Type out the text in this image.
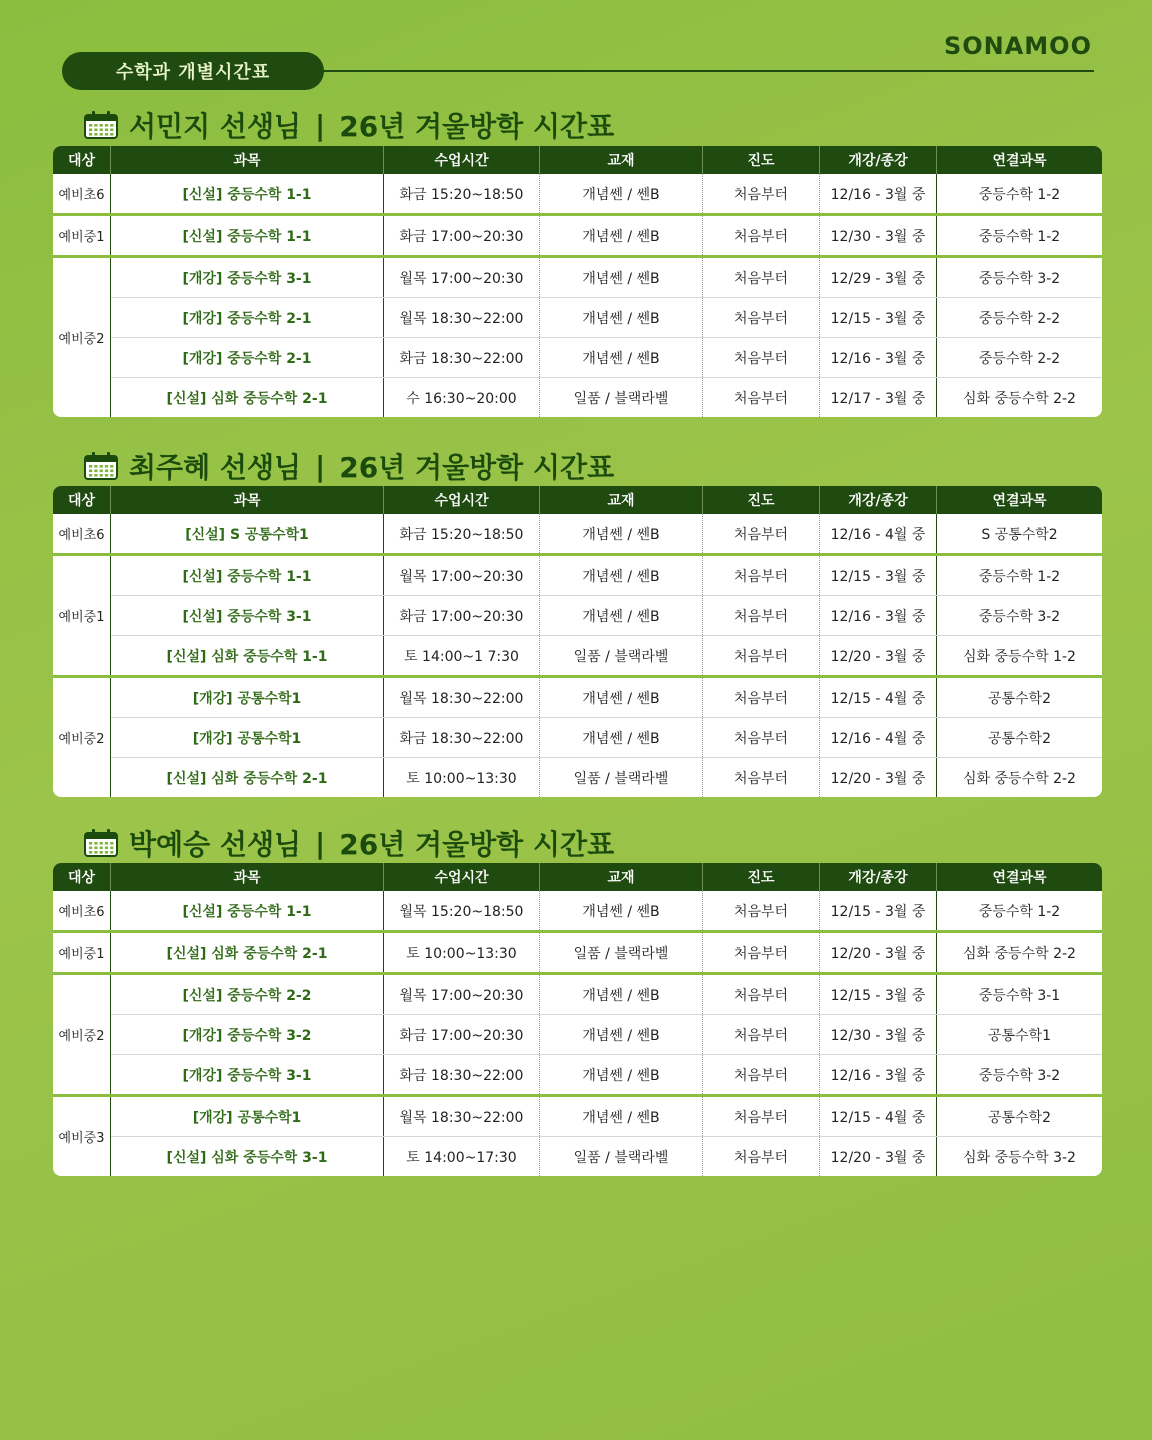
수학과 개별시간표
SONAMOO
서민지 선생님 | 26년 겨울방학 시간표
대상	과목	수업시간	교재	진도	개강/종강	연결과목
예비초6	[신설] 중등수학 1-1	화금 15:20~18:50	개념쎈 / 쎈B	처음부터	12/16 - 3월 중	중등수학 1-2
예비중1	[신설] 중등수학 1-1	화금 17:00~20:30	개념쎈 / 쎈B	처음부터	12/30 - 3월 중	중등수학 1-2
예비중2
[개강] 중등수학 3-1	월목 17:00~20:30	개념쎈 / 쎈B	처음부터	12/29 - 3월 중	중등수학 3-2
[개강] 중등수학 2-1	월목 18:30~22:00	개념쎈 / 쎈B	처음부터	12/15 - 3월 중	중등수학 2-2
[개강] 중등수학 2-1	화금 18:30~22:00	개념쎈 / 쎈B	처음부터	12/16 - 3월 중	중등수학 2-2
[신설] 심화 중등수학 2-1	수 16:30~20:00	일품 / 블랙라벨	처음부터	12/17 - 3월 중	심화 중등수학 2-2
최주혜 선생님 | 26년 겨울방학 시간표
대상	과목	수업시간	교재	진도	개강/종강	연결과목
예비초6	[신설] S 공통수학1	화금 15:20~18:50	개념쎈 / 쎈B	처음부터	12/16 - 4월 중	S 공통수학2
예비중1
[신설] 중등수학 1-1	월목 17:00~20:30	개념쎈 / 쎈B	처음부터	12/15 - 3월 중	중등수학 1-2
[신설] 중등수학 3-1	화금 17:00~20:30	개념쎈 / 쎈B	처음부터	12/16 - 3월 중	중등수학 3-2
[신설] 심화 중등수학 1-1	토 14:00~1 7:30	일품 / 블랙라벨	처음부터	12/20 - 3월 중	심화 중등수학 1-2
예비중2
[개강] 공통수학1	월목 18:30~22:00	개념쎈 / 쎈B	처음부터	12/15 - 4월 중	공통수학2
[개강] 공통수학1	화금 18:30~22:00	개념쎈 / 쎈B	처음부터	12/16 - 4월 중	공통수학2
[신설] 심화 중등수학 2-1	토 10:00~13:30	일품 / 블랙라벨	처음부터	12/20 - 3월 중	심화 중등수학 2-2
박예승 선생님 | 26년 겨울방학 시간표
대상	과목	수업시간	교재	진도	개강/종강	연결과목
예비초6	[신설] 중등수학 1-1	월목 15:20~18:50	개념쎈 / 쎈B	처음부터	12/15 - 3월 중	중등수학 1-2
예비중1	[신설] 심화 중등수학 2-1	토 10:00~13:30	일품 / 블랙라벨	처음부터	12/20 - 3월 중	심화 중등수학 2-2
예비중2
[신설] 중등수학 2-2	월목 17:00~20:30	개념쎈 / 쎈B	처음부터	12/15 - 3월 중	중등수학 3-1
[개강] 중등수학 3-2	화금 17:00~20:30	개념쎈 / 쎈B	처음부터	12/30 - 3월 중	공통수학1
[개강] 중등수학 3-1	화금 18:30~22:00	개념쎈 / 쎈B	처음부터	12/16 - 3월 중	중등수학 3-2
예비중3
[개강] 공통수학1	월목 18:30~22:00	개념쎈 / 쎈B	처음부터	12/15 - 4월 중	공통수학2
[신설] 심화 중등수학 3-1	토 14:00~17:30	일품 / 블랙라벨	처음부터	12/20 - 3월 중	심화 중등수학 3-2
